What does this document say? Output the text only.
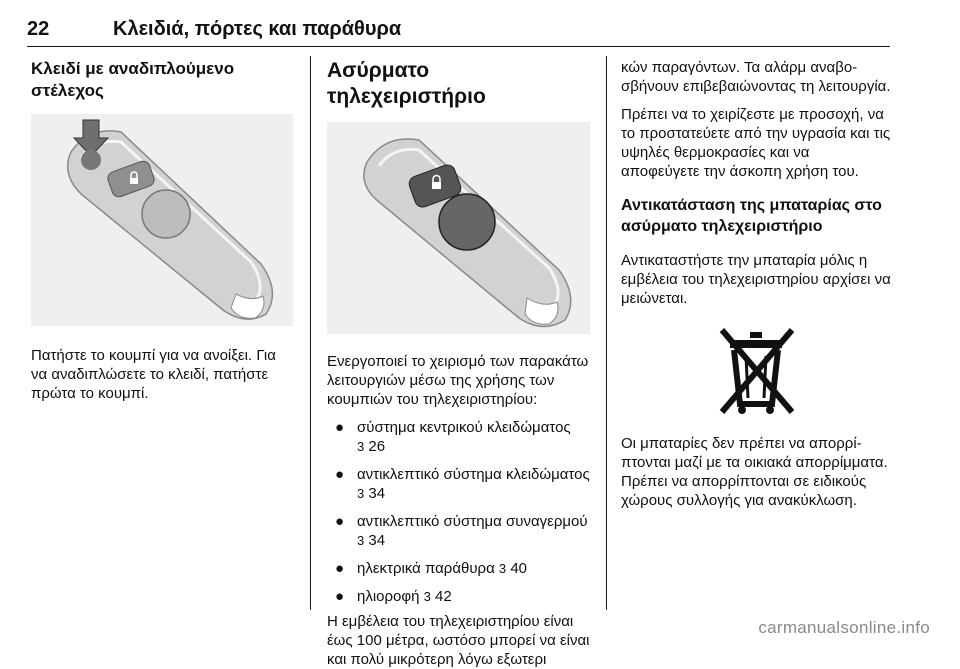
22	Κλειδιά, πόρτες και παράθυρα
Κλειδί με αναδιπλούμενο στέλεχος

Πατήστε το κουμπί για να ανοίξει. Για να αναδιπλώσετε το κλειδί, πατήστε πρώτα το κουμπί.

Ασύρματο τηλεχειριστήριο

Ενεργοποιεί το χειρισμό των παρακάτω λειτουργιών μέσω της χρήσης των κουμπιών του τηλεχειριστηρίου:

● σύστημα κεντρικού κλειδώματος
3 26
● αντικλεπτικό σύστημα κλειδώματος 3 34
● αντικλεπτικό σύστημα συναγερμού 3 34
● ηλεκτρικά παράθυρα 3 40
● ηλιοροφή 3 42

Η εμβέλεια του τηλεχειριστηρίου είναι έως 100 μέτρα, ωστόσο μπορεί να είναι και πολύ μικρότερη λόγω εξωτερι

κών παραγόντων. Τα αλάρμ αναβοσβήνουν επιβεβαιώνοντας τη λειτουργία.

Πρέπει να το χειρίζεστε με προσοχή, να το προστατεύετε από την υγρασία και τις υψηλές θερμοκρασίες και να αποφεύγετε την άσκοπη χρήση του.

Αντικατάσταση της μπαταρίας στο ασύρματο τηλεχειριστήριο

Αντικαταστήστε την μπαταρία μόλις η εμβέλεια του τηλεχειριστηρίου αρχίσει να μειώνεται.

Οι μπαταρίες δεν πρέπει να απορρίπτονται μαζί με τα οικιακά απορρίμματα. Πρέπει να απορρίπτονται σε ειδικούς χώρους συλλογής για ανακύκλωση.

carmanualsonline.info
